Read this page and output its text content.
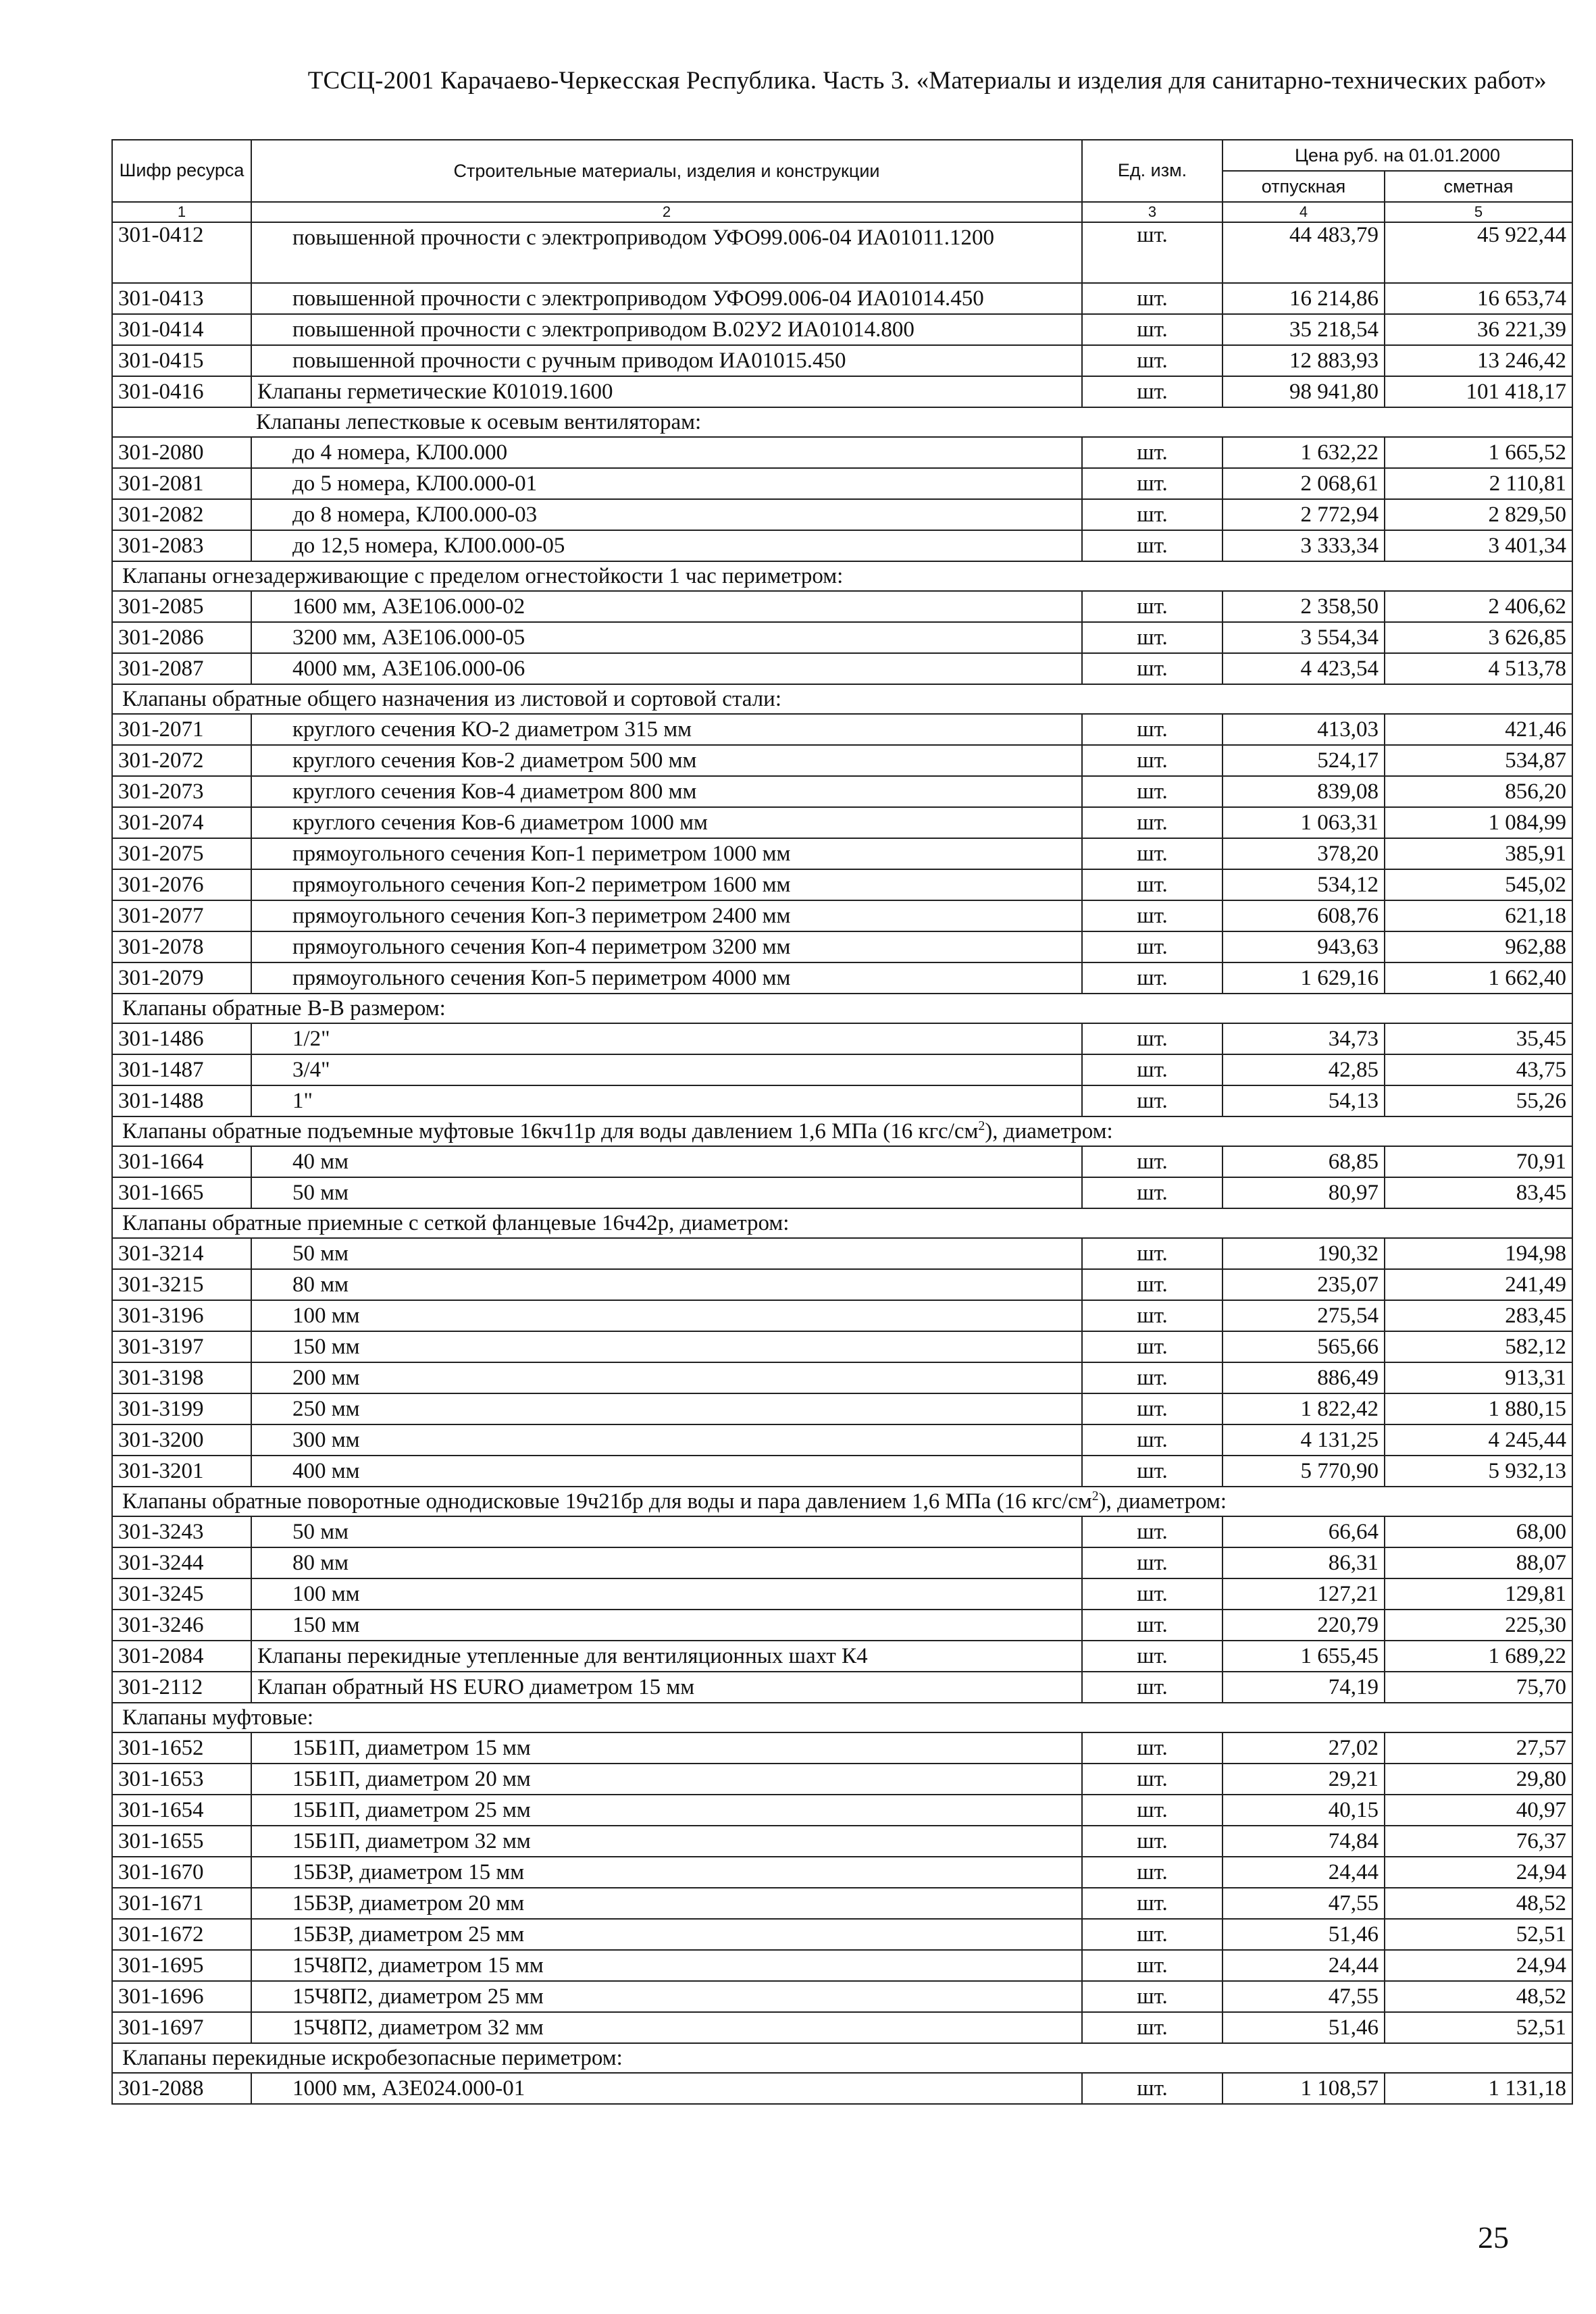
ТССЦ-2001 Карачаево-Черкесская Республика. Часть 3. «Материалы и изделия для санитарно-технических работ»
Шифр ресурса	Строительные материалы, изделия и конструкции	Ед. изм.	Цена руб. на 01.01.2000	
			отпускная	сметная
1	2	3	4	5
301-0412	повышенной прочности с электроприводом УФО99.006-04 ИА01011.1200	шт.	44 483,79	45 922,44
301-0413	повышенной прочности с электроприводом УФО99.006-04 ИА01014.450	шт.	16 214,86	16 653,74
301-0414	повышенной прочности с электроприводом В.02У2 ИА01014.800	шт.	35 218,54	36 221,39
301-0415	повышенной прочности с ручным приводом ИА01015.450	шт.	12 883,93	13 246,42
301-0416	Клапаны герметические К01019.1600	шт.	98 941,80	101 418,17
Клапаны лепестковые к осевым вентиляторам:				
301-2080	до 4 номера, КЛ00.000	шт.	1 632,22	1 665,52
301-2081	до 5 номера, КЛ00.000-01	шт.	2 068,61	2 110,81
301-2082	до 8 номера, КЛ00.000-03	шт.	2 772,94	2 829,50
301-2083	до 12,5 номера, КЛ00.000-05	шт.	3 333,34	3 401,34
Клапаны огнезадерживающие с пределом огнестойкости 1 час периметром:				
301-2085	1600 мм, А3Е106.000-02	шт.	2 358,50	2 406,62
301-2086	3200 мм, А3Е106.000-05	шт.	3 554,34	3 626,85
301-2087	4000 мм, А3Е106.000-06	шт.	4 423,54	4 513,78
Клапаны обратные общего назначения из листовой и сортовой стали:				
301-2071	круглого сечения КО-2 диаметром 315 мм	шт.	413,03	421,46
301-2072	круглого сечения Ков-2 диаметром 500 мм	шт.	524,17	534,87
301-2073	круглого сечения Ков-4 диаметром 800 мм	шт.	839,08	856,20
301-2074	круглого сечения Ков-6 диаметром 1000 мм	шт.	1 063,31	1 084,99
301-2075	прямоугольного сечения Коп-1 периметром 1000 мм	шт.	378,20	385,91
301-2076	прямоугольного сечения Коп-2 периметром 1600 мм	шт.	534,12	545,02
301-2077	прямоугольного сечения Коп-3 периметром 2400 мм	шт.	608,76	621,18
301-2078	прямоугольного сечения Коп-4 периметром 3200 мм	шт.	943,63	962,88
301-2079	прямоугольного сечения Коп-5 периметром 4000 мм	шт.	1 629,16	1 662,40
Клапаны обратные В-В размером:				
301-1486	1/2"	шт.	34,73	35,45
301-1487	3/4"	шт.	42,85	43,75
301-1488	1"	шт.	54,13	55,26
Клапаны обратные подъемные муфтовые 16кч11р для воды давлением 1,6 МПа (16 кгс/$см^2$), диаметром:				
301-1664	40 мм	шт.	68,85	70,91
301-1665	50 мм	шт.	80,97	83,45
Клапаны обратные приемные с сеткой фланцевые 16ч42р, диаметром:				
301-3214	50 мм	шт.	190,32	194,98
301-3215	80 мм	шт.	235,07	241,49
301-3196	100 мм	шт.	275,54	283,45
301-3197	150 мм	шт.	565,66	582,12
301-3198	200 мм	шт.	886,49	913,31
301-3199	250 мм	шт.	1 822,42	1 880,15
301-3200	300 мм	шт.	4 131,25	4 245,44
301-3201	400 мм	шт.	5 770,90	5 932,13
Клапаны обратные поворотные однодисковые 19ч21бр для воды и пара давлением 1,6 МПа (16 кгс/$см^2$), диаметром:				
301-3243	50 мм	шт.	66,64	68,00
301-3244	80 мм	шт.	86,31	88,07
301-3245	100 мм	шт.	127,21	129,81
301-3246	150 мм	шт.	220,79	225,30
301-2084	Клапаны перекидные утепленные для вентиляционных шахт К4	шт.	1 655,45	1 689,22
301-2112	Клапан обратный HS EURO диаметром 15 мм	шт.	74,19	75,70
Клапаны муфтовые:				
301-1652	15Б1П, диаметром 15 мм	шт.	27,02	27,57
301-1653	15Б1П, диаметром 20 мм	шт.	29,21	29,80
301-1654	15Б1П, диаметром 25 мм	шт.	40,15	40,97
301-1655	15Б1П, диаметром 32 мм	шт.	74,84	76,37
301-1670	15Б3Р, диаметром 15 мм	шт.	24,44	24,94
301-1671	15Б3Р, диаметром 20 мм	шт.	47,55	48,52
301-1672	15Б3Р, диаметром 25 мм	шт.	51,46	52,51
301-1695	15Ч8П2, диаметром 15 мм	шт.	24,44	24,94
301-1696	15Ч8П2, диаметром 25 мм	шт.	47,55	48,52
301-1697	15Ч8П2, диаметром 32 мм	шт.	51,46	52,51
Клапаны перекидные искробезопасные периметром:				
301-2088	1000 мм, А3Е024.000-01	шт.	1 108,57	1 131,18
25
